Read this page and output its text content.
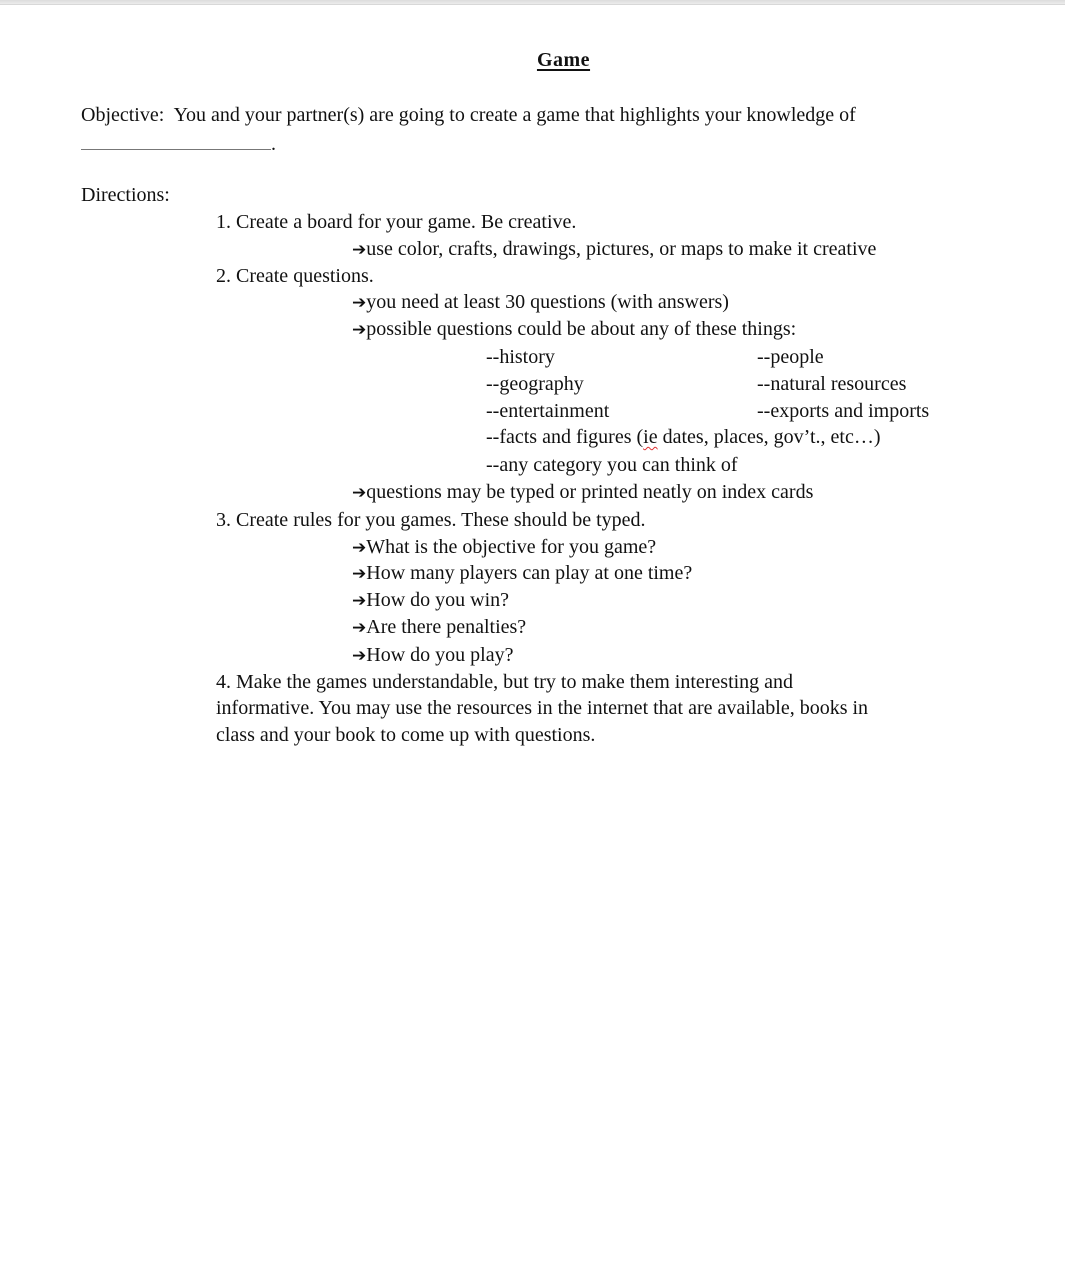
Game
Objective: You and your partner(s) are going to create a game that highlights your knowledge of
.
Directions:
1. Create a board for your game. Be creative.
➔use color, crafts, drawings, pictures, or maps to make it creative
2. Create questions.
➔you need at least 30 questions (with answers)
➔possible questions could be about any of these things:
--history	--people
--geography	--natural resources
--entertainment	--exports and imports
--facts and figures (ie dates, places, gov’t., etc…)
--any category you can think of
➔questions may be typed or printed neatly on index cards
3. Create rules for you games. These should be typed.
➔What is the objective for you game?
➔How many players can play at one time?
➔How do you win?
➔Are there penalties?
➔How do you play?
4. Make the games understandable, but try to make them interesting and
informative. You may use the resources in the internet that are available, books in
class and your book to come up with questions.
